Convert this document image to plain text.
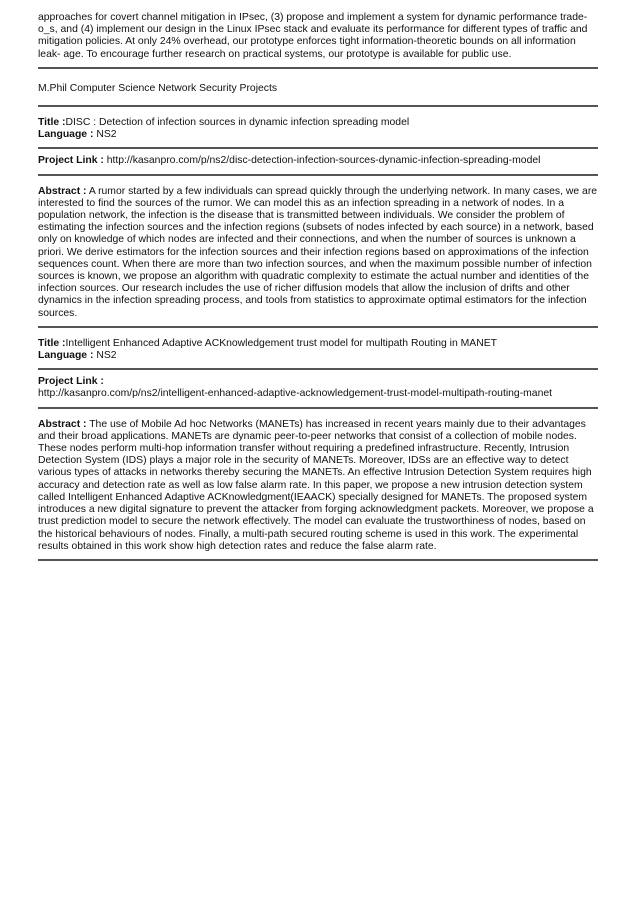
approaches for covert channel mitigation in IPsec, (3) propose and implement a system for dynamic performance trade-o_s, and (4) implement our design in the Linux IPsec stack and evaluate its performance for different types of traffic and mitigation policies. At only 24% overhead, our prototype enforces tight information-theoretic bounds on all information leak- age. To encourage further research on practical systems, our prototype is available for public use.

M.Phil Computer Science Network Security Projects

Title :DISC : Detection of infection sources in dynamic infection spreading model

Language : NS2

Project Link : http://kasanpro.com/p/ns2/disc-detection-infection-sources-dynamic-infection-spreading-model

Abstract : A rumor started by a few individuals can spread quickly through the underlying network. In many cases, we are interested to find the sources of the rumor. We can model this as an infection spreading in a network of nodes. In a population network, the infection is the disease that is transmitted between individuals. We consider the problem of estimating the infection sources and the infection regions (subsets of nodes infected by each source) in a network, based only on knowledge of which nodes are infected and their connections, and when the number of sources is unknown a priori. We derive estimators for the infection sources and their infection regions based on approximations of the infection sequences count. When there are more than two infection sources, and when the maximum possible number of infection sources is known, we propose an algorithm with quadratic complexity to estimate the actual number and identities of the infection sources. Our research includes the use of richer diffusion models that allow the inclusion of drifts and other dynamics in the infection spreading process, and tools from statistics to approximate optimal estimators for the infection sources.

Title :Intelligent Enhanced Adaptive ACKnowledgement trust model for multipath Routing in MANET

Language : NS2

Project Link :

http://kasanpro.com/p/ns2/intelligent-enhanced-adaptive-acknowledgement-trust-model-multipath-routing-manet

Abstract : The use of Mobile Ad hoc Networks (MANETs) has increased in recent years mainly due to their advantages and their broad applications. MANETs are dynamic peer-to-peer networks that consist of a collection of mobile nodes. These nodes perform multi-hop information transfer without requiring a predefined infrastructure. Recently, Intrusion Detection System (IDS) plays a major role in the security of MANETs. Moreover, IDSs are an effective way to detect various types of attacks in networks thereby securing the MANETs. An effective Intrusion Detection System requires high accuracy and detection rate as well as low false alarm rate. In this paper, we propose a new intrusion detection system called Intelligent Enhanced Adaptive ACKnowledgment(IEAACK) specially designed for MANETs. The proposed system introduces a new digital signature to prevent the attacker from forging acknowledgment packets. Moreover, we propose a trust prediction model to secure the network effectively. The model can evaluate the trustworthiness of nodes, based on the historical behaviours of nodes. Finally, a multi-path secured routing scheme is used in this work. The experimental results obtained in this work show high detection rates and reduce the false alarm rate.
